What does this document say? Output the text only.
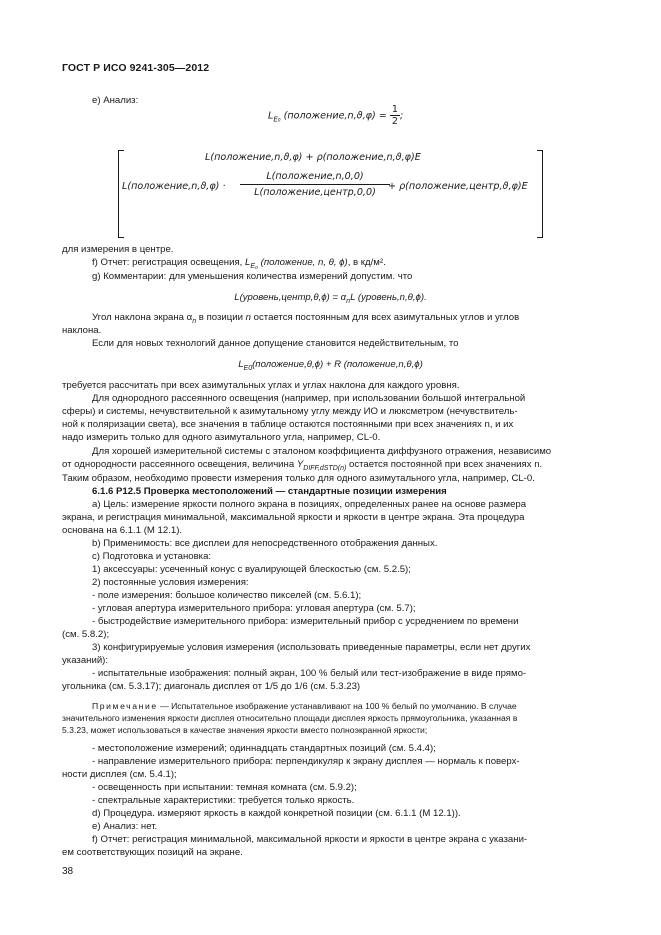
ГОСТ Р ИСО 9241-305—2012
е) Анализ:
$L_{E_0}$ (положение,n,ϑ,φ) = $\frac{1}{2}$ ;
L(положение,n,ϑ,φ) + ρ(положение,n,ϑ,φ)E
L(положение,n,ϑ,φ) ·
L(положение,n,0,0)
L(положение,центр,0,0)
+ ρ(положение,центр,ϑ,φ)E
для измерения в центре.
f) Отчет: регистрация освещения, $L_{E_0}$ (положение, n, θ, ϕ), в кд/м².
g) Комментарии: для уменьшения количества измерений допустим. что
L(уровень,центр,θ,ϕ) = $\alpha_nL$ (уровень,n,θ,ϕ).
Угол наклона экрана $\alpha_n$ в позиции n остается постоянным для всех азимутальных углов и углов
наклона.
Если для новых технологий данное допущение становится недействительным, то
$L_{E0}(положение,\theta,\phi) + R$ (положение,n,θ,ϕ)
требуется рассчитать при всех азимутальных углах и углах наклона для каждого уровня.
Для однородного рассеянного освещения (например, при использовании большой интегральной
сферы) и системы, нечувствительной к азимутальному углу между ИО и люксметром (нечувствитель-
ной к поляризации света), все значения в таблице остаются постоянными при всех значениях n, и их
надо измерить только для одного азимутального угла, например, CL-0.
Для хорошей измерительной системы с эталоном коэффициента диффузного отражения, независимо
от однородности рассеянного освещения, величина $Y_{DIFF,dSTD(n)}$ остается постоянной при всех значениях n.
Таким образом, необходимо провести измерения только для одного азимутального угла, например, CL-0.
6.1.6 P12.5 Проверка местоположений — стандартные позиции измерения
a) Цель: измерение яркости полного экрана в позициях, определенных ранее на основе размера
экрана, и регистрация минимальной, максимальной яркости и яркости в центре экрана. Эта процедура
основана на 6.1.1 (М 12.1).
b) Применимость: все дисплеи для непосредственного отображения данных.
c) Подготовка и установка:
1) аксессуары: усеченный конус с вуалирующей блескостью (см. 5.2.5);
2) постоянные условия измерения:
- поле измерения: большое количество пикселей (см. 5.6.1);
- угловая апертура измерительного прибора: угловая апертура (см. 5.7);
- быстродействие измерительного прибора: измерительный прибор с усреднением по времени
(см. 5.8.2);
3) конфигурируемые условия измерения (использовать приведенные параметры, если нет других
указаний):
- испытательные изображения: полный экран, 100 % белый или тест-изображение в виде прямо-
угольника (см. 5.3.17); диагональ дисплея от 1/5 до 1/6 (см. 5.3.23)
Примечание — Испытательное изображение устанавливают на 100 % белый по умолчанию. В случае
значительного изменения яркости дисплея относительно площади дисплея яркость прямоугольника, указанная в
5.3.23, может использоваться в качестве значения яркости вместо полноэкранной яркости;
- местоположение измерений; одиннадцать стандартных позиций (см. 5.4.4);
- направление измерительного прибора: перпендикуляр к экрану дисплея — нормаль к поверх-
ности дисплея (см. 5.4.1);
- освещенность при испытании: темная комната (см. 5.9.2);
- спектральные характеристики: требуется только яркость.
d) Процедура. измеряют яркость в каждой конкретной позиции (см. 6.1.1 (М 12.1)).
e) Анализ: нет.
f) Отчет: регистрация минимальной, максимальной яркости и яркости в центре экрана с указани-
ем соответствующих позиций на экране.
38
